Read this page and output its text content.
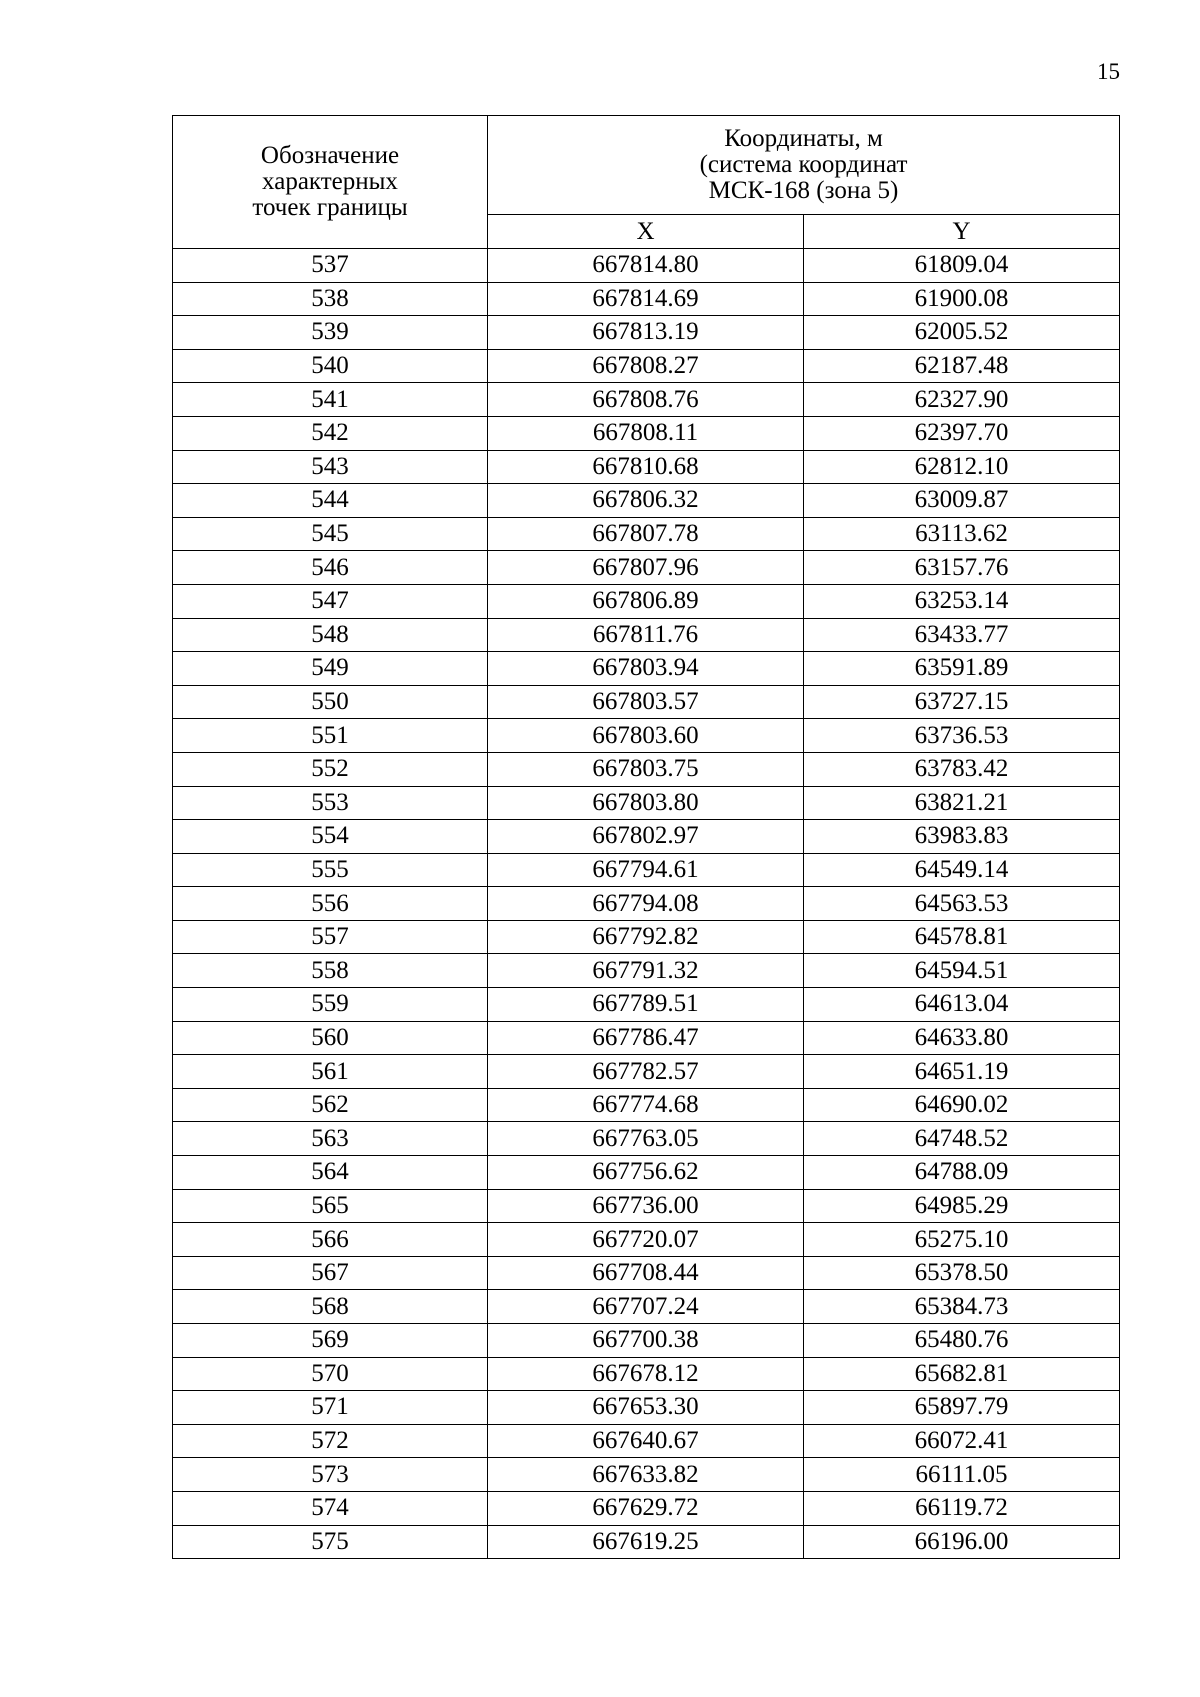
15
Обозначение
характерных
точек границы	Координаты, м
(система координат
МСК-168 (зона 5)	

	X	Y
537	667814.80	61809.04
538	667814.69	61900.08
539	667813.19	62005.52
540	667808.27	62187.48
541	667808.76	62327.90
542	667808.11	62397.70
543	667810.68	62812.10
544	667806.32	63009.87
545	667807.78	63113.62
546	667807.96	63157.76
547	667806.89	63253.14
548	667811.76	63433.77
549	667803.94	63591.89
550	667803.57	63727.15
551	667803.60	63736.53
552	667803.75	63783.42
553	667803.80	63821.21
554	667802.97	63983.83
555	667794.61	64549.14
556	667794.08	64563.53
557	667792.82	64578.81
558	667791.32	64594.51
559	667789.51	64613.04
560	667786.47	64633.80
561	667782.57	64651.19
562	667774.68	64690.02
563	667763.05	64748.52
564	667756.62	64788.09
565	667736.00	64985.29
566	667720.07	65275.10
567	667708.44	65378.50
568	667707.24	65384.73
569	667700.38	65480.76
570	667678.12	65682.81
571	667653.30	65897.79
572	667640.67	66072.41
573	667633.82	66111.05
574	667629.72	66119.72
575	667619.25	66196.00
